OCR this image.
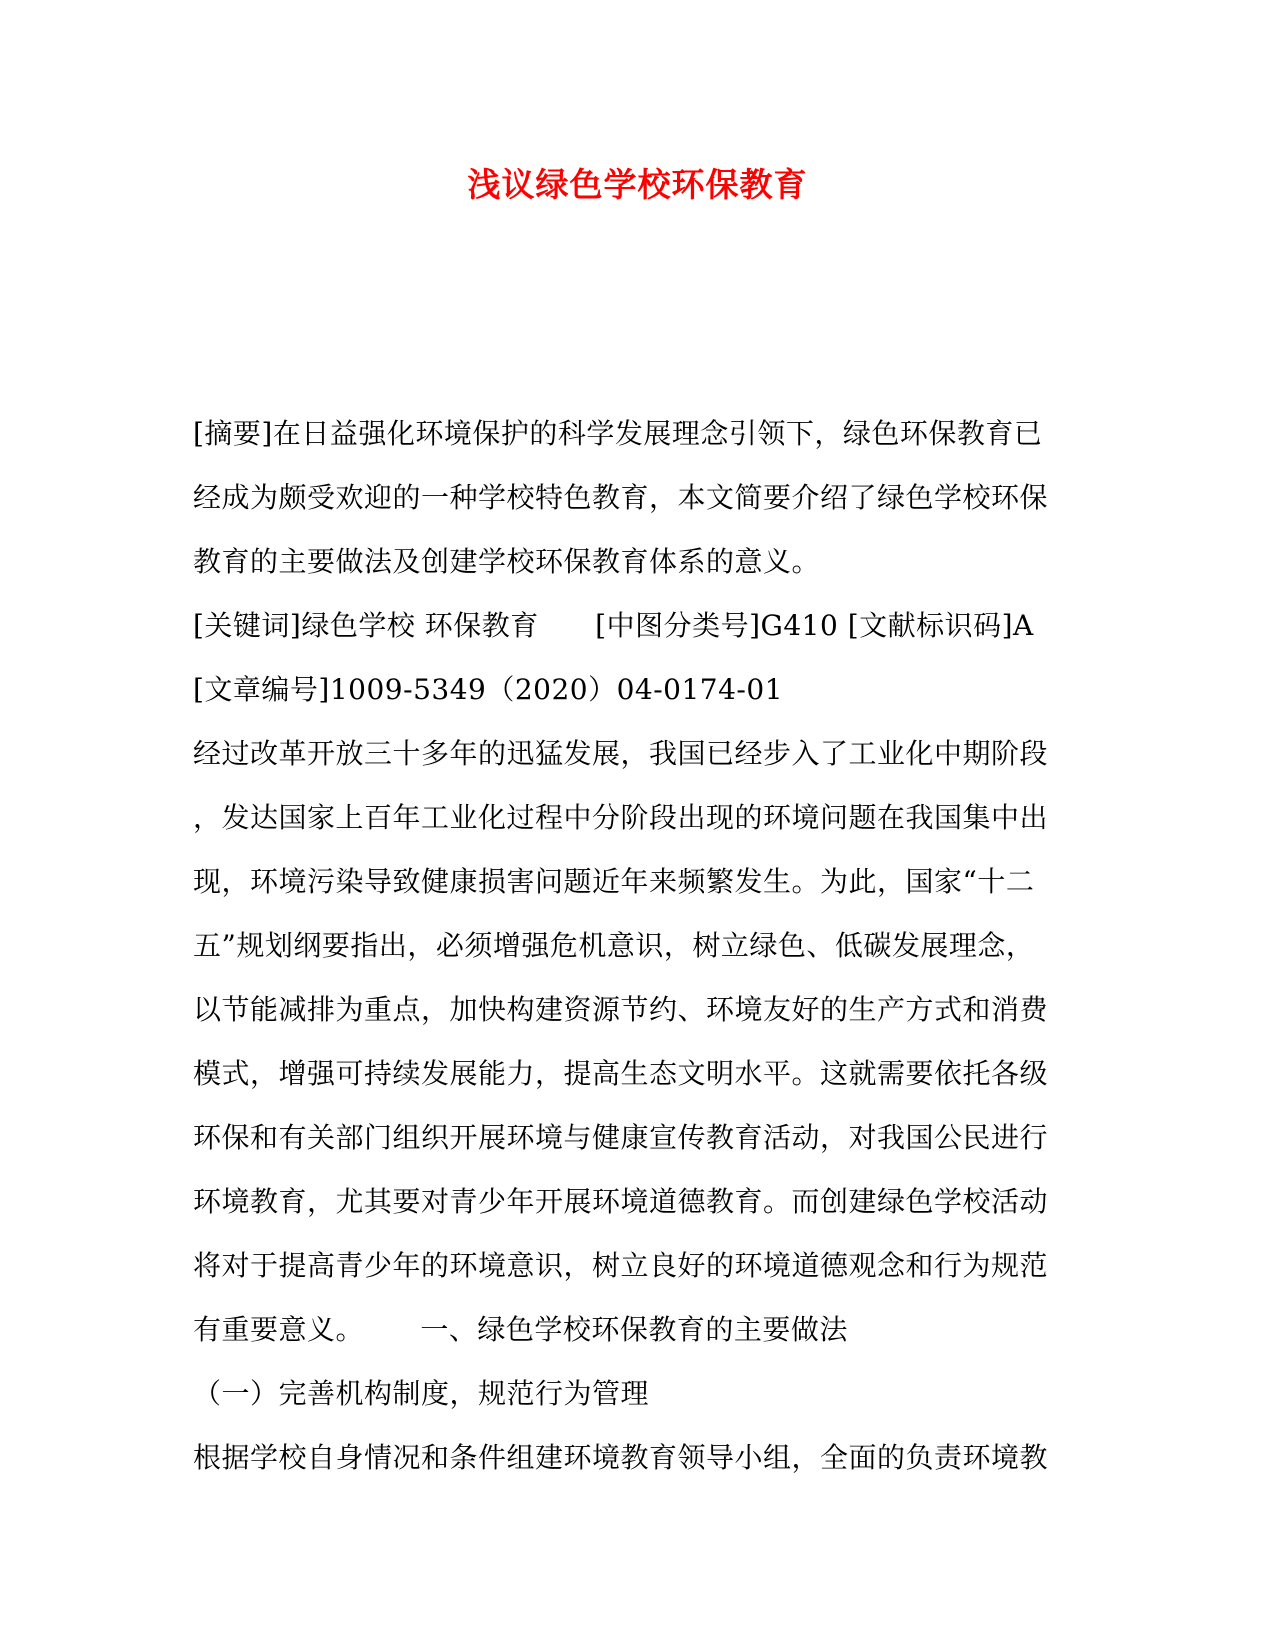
浅议绿色学校环保教育
[摘要]在日益强化环境保护的科学发展理念引领下，绿色环保教育已
经成为颇受欢迎的一种学校特色教育，本文简要介绍了绿色学校环保
教育的主要做法及创建学校环保教育体系的意义。
[关键词]绿色学校 环保教育      [中图分类号]G410 [文献标识码]A
[文章编号]1009-5349（2020）04-0174-01
经过改革开放三十多年的迅猛发展，我国已经步入了工业化中期阶段
，发达国家上百年工业化过程中分阶段出现的环境问题在我国集中出
现，环境污染导致健康损害问题近年来频繁发生。为此，国家“十二
五”规划纲要指出，必须增强危机意识，树立绿色、低碳发展理念，
以节能减排为重点，加快构建资源节约、环境友好的生产方式和消费
模式，增强可持续发展能力，提高生态文明水平。这就需要依托各级
环保和有关部门组织开展环境与健康宣传教育活动，对我国公民进行
环境教育，尤其要对青少年开展环境道德教育。而创建绿色学校活动
将对于提高青少年的环境意识，树立良好的环境道德观念和行为规范
有重要意义。      一、绿色学校环保教育的主要做法
（一）完善机构制度，规范行为管理
根据学校自身情况和条件组建环境教育领导小组，全面的负责环境教
